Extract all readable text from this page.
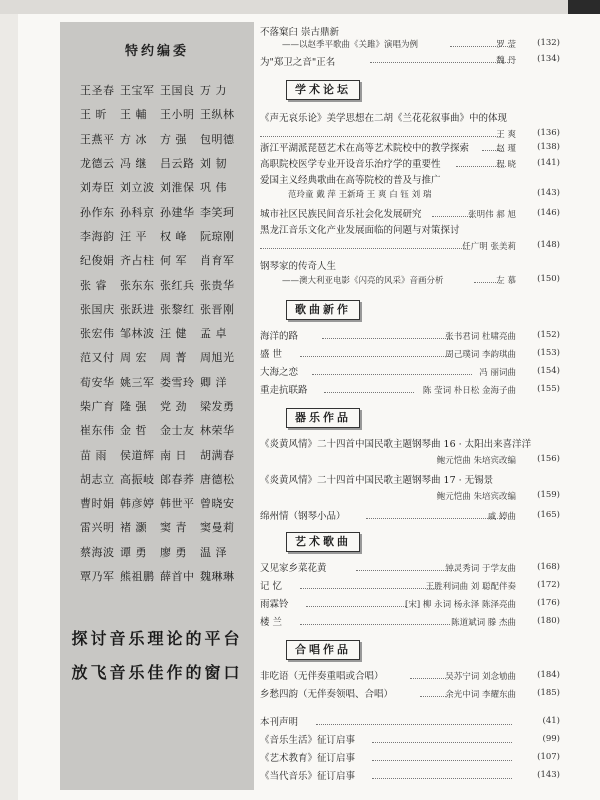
特约编委
王圣春 王宝军 王国良 万 力
王 昕	王 輔	王小明 王纵林
王燕平 方 冰	方 强	包明德
龙德云 冯 继	吕云路 刘 韧
刘寿臣 刘立波 刘淮保 巩 伟
孙作东 孙科京 孙建华 李笑珂
李海韵 汪 平	权 峰	阮琼刚
纪俊娟 齐占柱 何 军	肖育军
张 睿	张东东 张红兵 张贵华
张国庆 张跃进 张黎红 张晋刚
张宏伟 邹林波 汪 健	孟 卓
范又付 周 宏	周 菁	周旭光
荀安华 姚三军 娄雪玲 卿 洋
柴广育 隆 强	党 劲	梁发勇
崔东伟 金 哲	金士友 林荣华
苗 雨	侯道辉 南 日	胡满春
胡志立 高振岐 郎春荞 唐德松
曹时娟 韩彦婷 韩世平 曾晓安
雷兴明 褚 灏	窦 青	窦曼莉
蔡海波 谭 勇	廖 勇	温 泽
覃乃军 熊祖鹏 薛首中 魏琳琳
探讨音乐理论的平台
放飞音乐佳作的窗口
不落窠臼 崇古鼎新
——以赵季平歌曲《关雎》演唱为例	罗 莹 (132)
为"郑卫之音"正名	魏 丹 (134)
学术论坛
《声无哀乐论》美学思想在二胡《兰花花叙事曲》中的体现
王 爽 (136)
浙江平湖派琵琶艺术在高等艺术院校中的教学探索	赵 瑾 (138)
高职院校医学专业开设音乐治疗学的重要性	程 晓 (141)
爱国主义经典歌曲在高等院校的普及与推广
范玲童 戴 萍 王新琦 王 爽 白 钰 刘 瑞	(143)
城市社区民族民间音乐社会化发展研究	张明伟 郝 旭 (146)
黑龙江音乐文化产业发展面临的问题与对策探讨
任广明 张美莉 (148)
钢琴家的传奇人生
——澳大利亚电影《闪亮的风采》音画分析	左 慕 (150)
歌曲新作
海洋的路	张书君词 杜啸亮曲 (152)
盛 世	周己璞词 李韵琪曲 (153)
大海之恋	冯 丽词曲 (154)
重走抗联路	陈 莹词 朴日松 金海子曲 (155)
器乐作品
《炎黄风情》二十四首中国民歌主题钢琴曲 16 · 太阳出来喜洋洋
鲍元恺曲 朱培宾改编 (156)
《炎黄风情》二十四首中国民歌主题钢琴曲 17 · 无锡景
鲍元恺曲 朱培宾改编 (159)
绵州情（钢琴小品）	戚 婷曲 (165)
艺术歌曲
又见家乡菜花黄	钟灵秀词 于学友曲 (168)
记 忆	王胜利词曲 刘 聪配伴奏 (172)
雨霖铃	[宋] 柳 永词 杨永泽 陈泽亮曲 (176)
楼 兰	陈道斌词 滕 杰曲 (180)
合唱作品
非吃语（无伴奏重唱或合唱）	吴苏宁词 刘念劬曲 (184)
乡愁四韵（无伴奏领唱、合唱）	余光中词 李耀东曲 (185)
本刊声明	(41)
《音乐生活》征订启事	(99)
《艺术教育》征订启事	(107)
《当代音乐》征订启事	(143)
